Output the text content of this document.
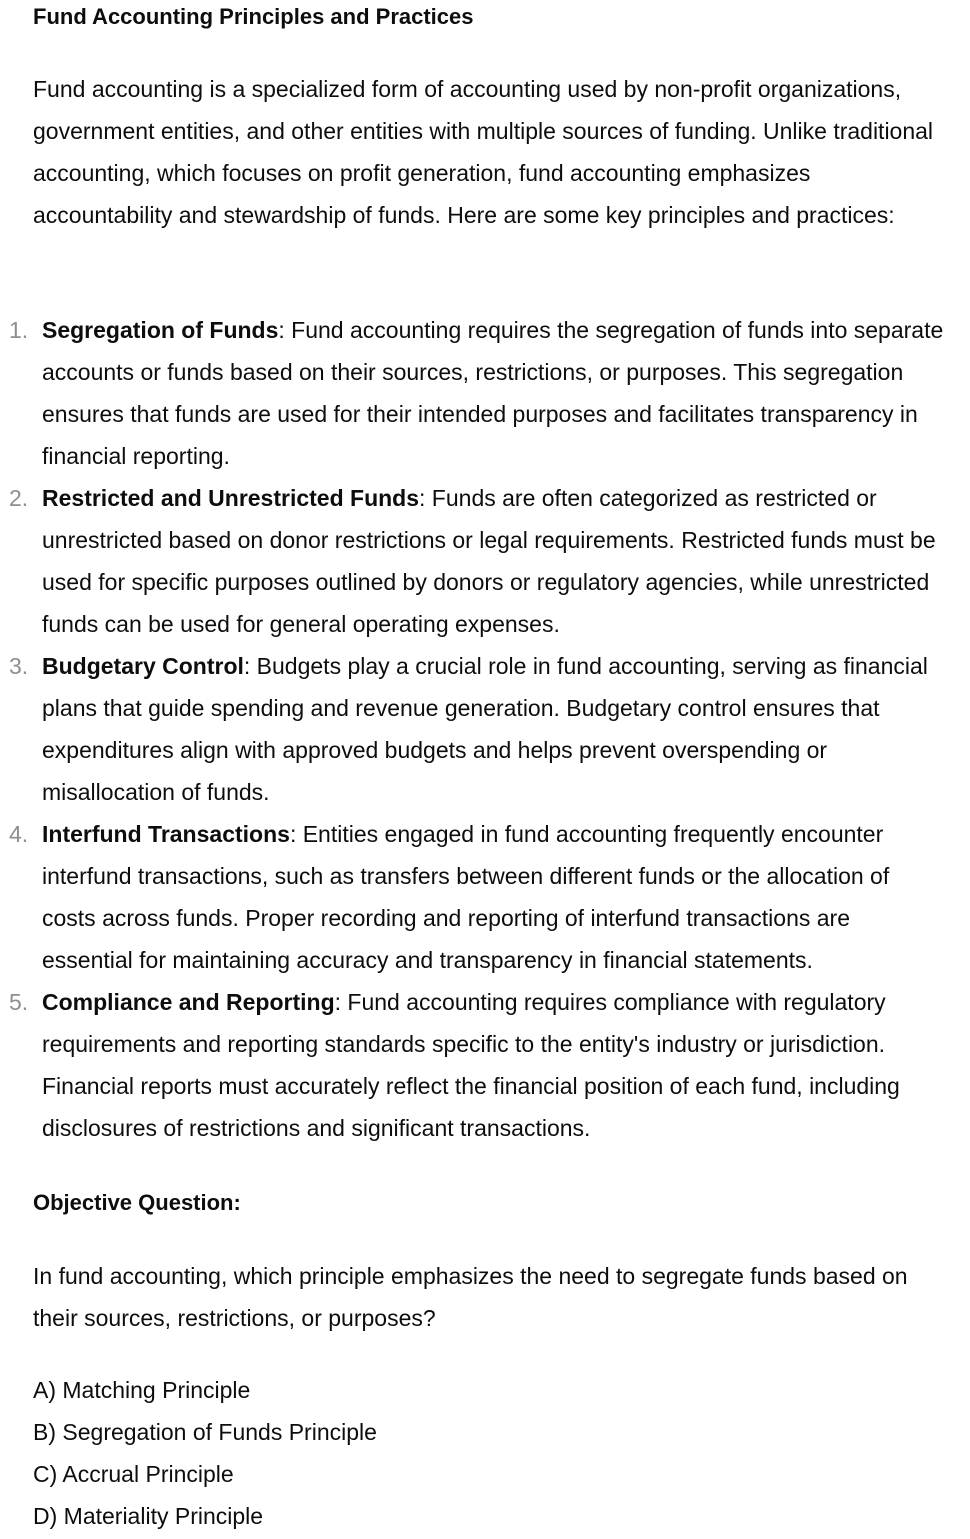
Fund Accounting Principles and Practices

Fund accounting is a specialized form of accounting used by non-profit organizations, government entities, and other entities with multiple sources of funding. Unlike traditional accounting, which focuses on profit generation, fund accounting emphasizes accountability and stewardship of funds. Here are some key principles and practices:

1. Segregation of Funds: Fund accounting requires the segregation of funds into separate accounts or funds based on their sources, restrictions, or purposes. This segregation ensures that funds are used for their intended purposes and facilitates transparency in financial reporting.
2. Restricted and Unrestricted Funds: Funds are often categorized as restricted or unrestricted based on donor restrictions or legal requirements. Restricted funds must be used for specific purposes outlined by donors or regulatory agencies, while unrestricted funds can be used for general operating expenses.
3. Budgetary Control: Budgets play a crucial role in fund accounting, serving as financial plans that guide spending and revenue generation. Budgetary control ensures that expenditures align with approved budgets and helps prevent overspending or misallocation of funds.
4. Interfund Transactions: Entities engaged in fund accounting frequently encounter interfund transactions, such as transfers between different funds or the allocation of costs across funds. Proper recording and reporting of interfund transactions are essential for maintaining accuracy and transparency in financial statements.
5. Compliance and Reporting: Fund accounting requires compliance with regulatory requirements and reporting standards specific to the entity's industry or jurisdiction. Financial reports must accurately reflect the financial position of each fund, including disclosures of restrictions and significant transactions.
Objective Question:

In fund accounting, which principle emphasizes the need to segregate funds based on their sources, restrictions, or purposes?

A) Matching Principle
B) Segregation of Funds Principle
C) Accrual Principle
D) Materiality Principle
